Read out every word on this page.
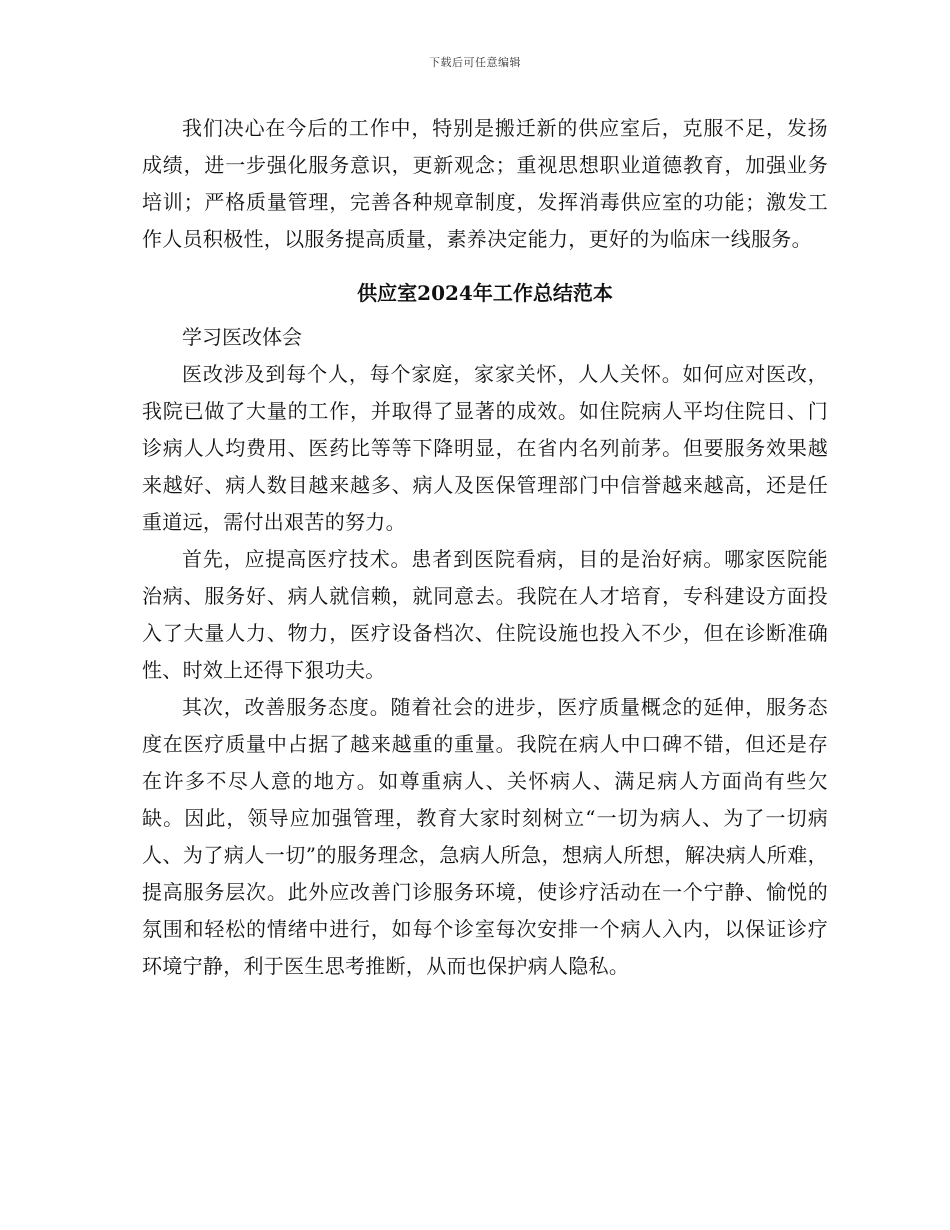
下载后可任意编辑

我们决心在今后的工作中，特别是搬迁新的供应室后，克服不足，发扬成绩，进一步强化服务意识，更新观念；重视思想职业道德教育，加强业务培训；严格质量管理，完善各种规章制度，发挥消毒供应室的功能；激发工作人员积极性，以服务提高质量，素养决定能力，更好的为临床一线服务。

供应室2024年工作总结范本

学习医改体会

医改涉及到每个人，每个家庭，家家关怀，人人关怀。如何应对医改，我院已做了大量的工作，并取得了显著的成效。如住院病人平均住院日、门诊病人人均费用、医药比等等下降明显，在省内名列前茅。但要服务效果越来越好、病人数目越来越多、病人及医保管理部门中信誉越来越高，还是任重道远，需付出艰苦的努力。

首先，应提高医疗技术。患者到医院看病，目的是治好病。哪家医院能治病、服务好、病人就信赖，就同意去。我院在人才培育，专科建设方面投入了大量人力、物力，医疗设备档次、住院设施也投入不少，但在诊断准确性、时效上还得下狠功夫。

其次，改善服务态度。随着社会的进步，医疗质量概念的延伸，服务态度在医疗质量中占据了越来越重的重量。我院在病人中口碑不错，但还是存在许多不尽人意的地方。如尊重病人、关怀病人、满足病人方面尚有些欠缺。因此，领导应加强管理，教育大家时刻树立“一切为病人、为了一切病人、为了病人一切”的服务理念，急病人所急，想病人所想，解决病人所难，提高服务层次。此外应改善门诊服务环境，使诊疗活动在一个宁静、愉悦的氛围和轻松的情绪中进行，如每个诊室每次安排一个病人入内，以保证诊疗环境宁静，利于医生思考推断，从而也保护病人隐私。
